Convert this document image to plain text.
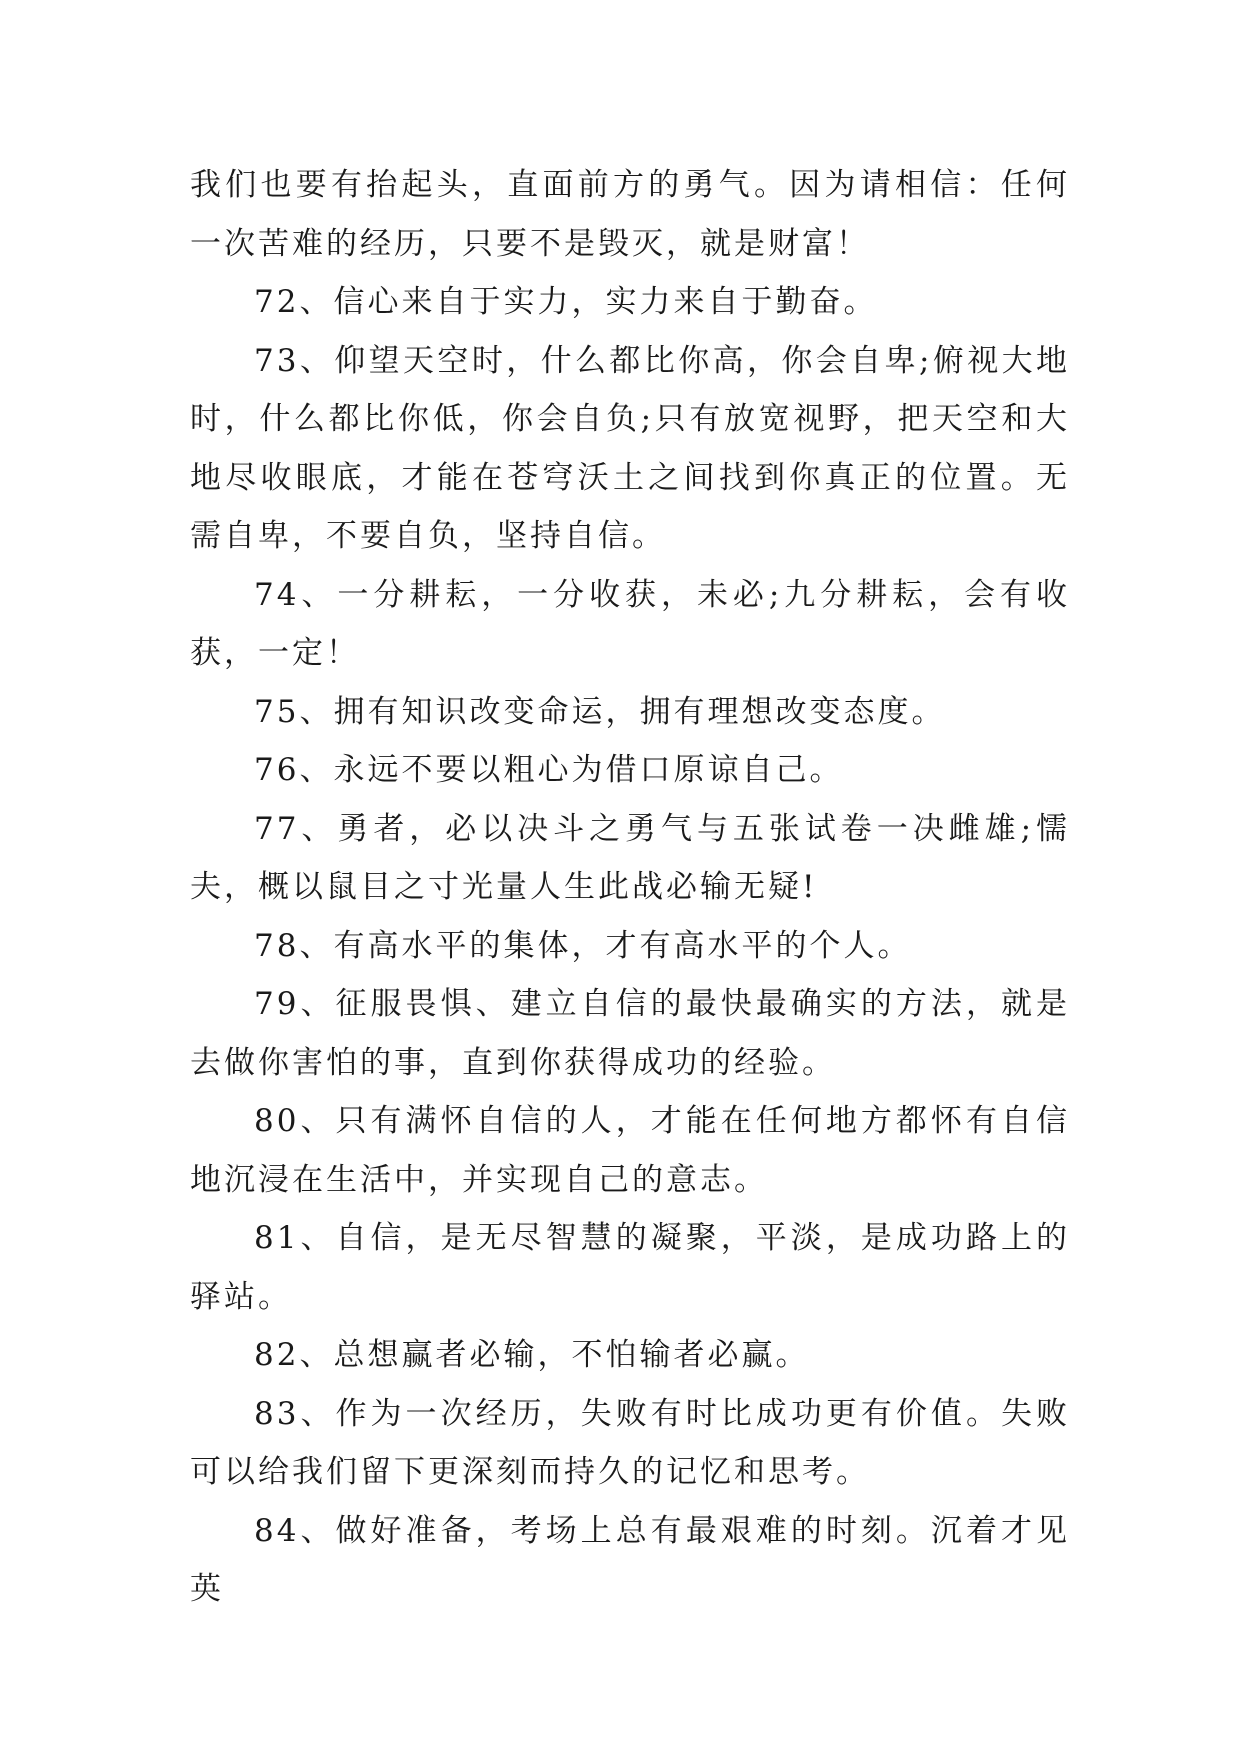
我们也要有抬起头，直面前方的勇气。因为请相信：任何一次苦难的经历，只要不是毁灭，就是财富！

72、信心来自于实力，实力来自于勤奋。

73、仰望天空时，什么都比你高，你会自卑;俯视大地时，什么都比你低，你会自负;只有放宽视野，把天空和大地尽收眼底，才能在苍穹沃土之间找到你真正的位置。无需自卑，不要自负，坚持自信。

74、一分耕耘，一分收获，未必;九分耕耘，会有收获，一定！

75、拥有知识改变命运，拥有理想改变态度。

76、永远不要以粗心为借口原谅自己。

77、勇者，必以决斗之勇气与五张试卷一决雌雄;懦夫，概以鼠目之寸光量人生此战必输无疑!

78、有高水平的集体，才有高水平的个人。

79、征服畏惧、建立自信的最快最确实的方法，就是去做你害怕的事，直到你获得成功的经验。

80、只有满怀自信的人，才能在任何地方都怀有自信地沉浸在生活中，并实现自己的意志。

81、自信，是无尽智慧的凝聚，平淡，是成功路上的驿站。

82、总想赢者必输，不怕输者必赢。

83、作为一次经历，失败有时比成功更有价值。失败可以给我们留下更深刻而持久的记忆和思考。

84、做好准备，考场上总有最艰难的时刻。沉着才见英
